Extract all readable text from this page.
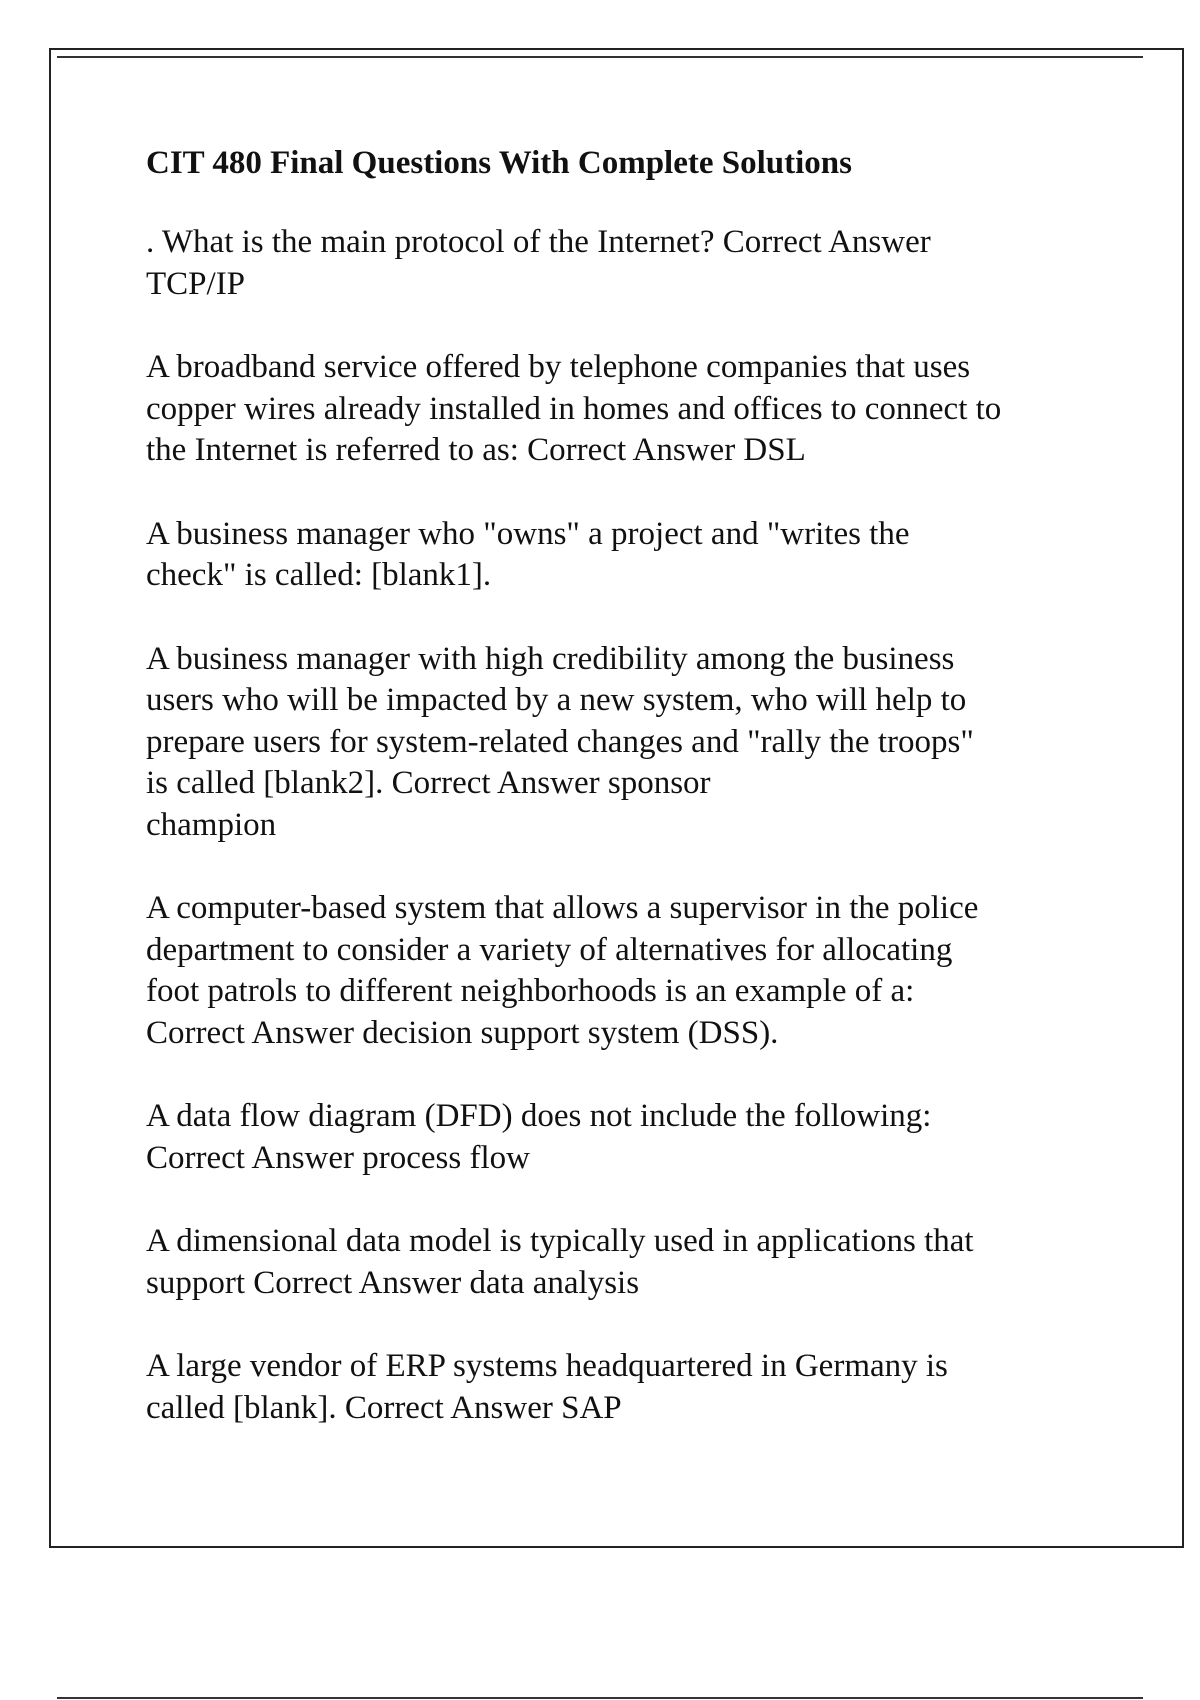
CIT 480 Final Questions With Complete Solutions
. What is the main protocol of the Internet? Correct Answer
TCP/IP
A broadband service offered by telephone companies that uses
copper wires already installed in homes and offices to connect to
the Internet is referred to as: Correct Answer DSL
A business manager who "owns" a project and "writes the
check" is called: [blank1].
A business manager with high credibility among the business
users who will be impacted by a new system, who will help to
prepare users for system-related changes and "rally the troops"
is called [blank2]. Correct Answer sponsor
champion
A computer-based system that allows a supervisor in the police
department to consider a variety of alternatives for allocating
foot patrols to different neighborhoods is an example of a:
Correct Answer decision support system (DSS).
A data flow diagram (DFD) does not include the following:
Correct Answer process flow
A dimensional data model is typically used in applications that
support Correct Answer data analysis
A large vendor of ERP systems headquartered in Germany is
called [blank]. Correct Answer SAP
